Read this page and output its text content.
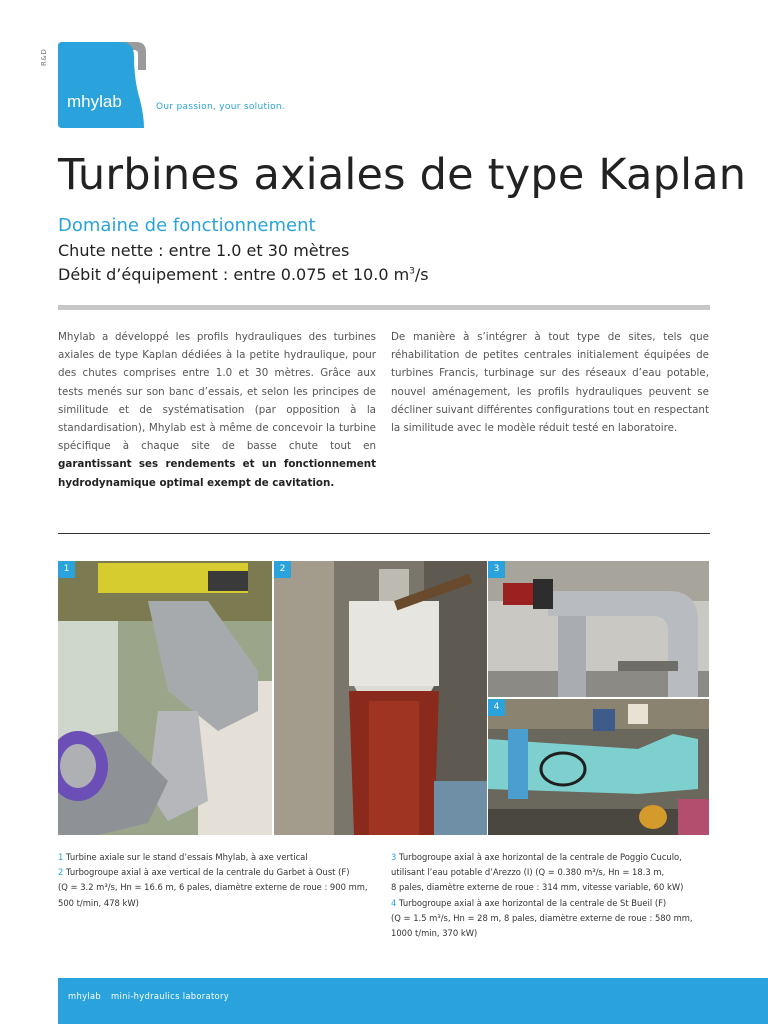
R&D
mhylab	Our passion, your solution.
Turbines axiales de type Kaplan
Domaine de fonctionnement
Chute nette : entre 1.0 et 30 mètres
Débit d’équipement : entre 0.075 et 10.0 $m^3/s$
Mhylab a développé les profils hydrauliques des turbines axiales de type Kaplan dédiées à la petite hydraulique, pour des chutes comprises entre 1.0 et 30 mètres. Grâce aux tests menés sur son banc d’essais, et selon les principes de similitude et de systématisation (par opposition à la standardisation), Mhylab est à même de concevoir la turbine spécifique à chaque site de basse chute tout en garantissant ses rendements et un fonctionnement hydrodynamique optimal exempt de cavitation.
De manière à s’intégrer à tout type de sites, tels que réhabilitation de petites centrales initialement équipées de turbines Francis, turbinage sur des réseaux d’eau potable, nouvel aménagement, les profils hydrauliques peuvent se décliner suivant différentes configurations tout en respectant la similitude avec le modèle réduit testé en laboratoire.
1	2	3
4
1 Turbine axiale sur le stand d’essais Mhylab, à axe vertical
2 Turbogroupe axial à axe vertical de la centrale du Garbet à Oust (F)
(Q = 3.2 m³/s, Hn = 16.6 m, 6 pales, diamètre externe de roue : 900 mm,
500 t/min, 478 kW)
3 Turbogroupe axial à axe horizontal de la centrale de Poggio Cuculo,
utilisant l’eau potable d’Arezzo (I) (Q = 0.380 m³/s, Hn = 18.3 m,
8 pales, diamètre externe de roue : 314 mm, vitesse variable, 60 kW)
4 Turbogroupe axial à axe horizontal de la centrale de St Bueil (F)
(Q = 1.5 m³/s, Hn = 28 m, 8 pales, diamètre externe de roue : 580 mm,
1000 t/min, 370 kW)
mhylab mini-hydraulics laboratory
